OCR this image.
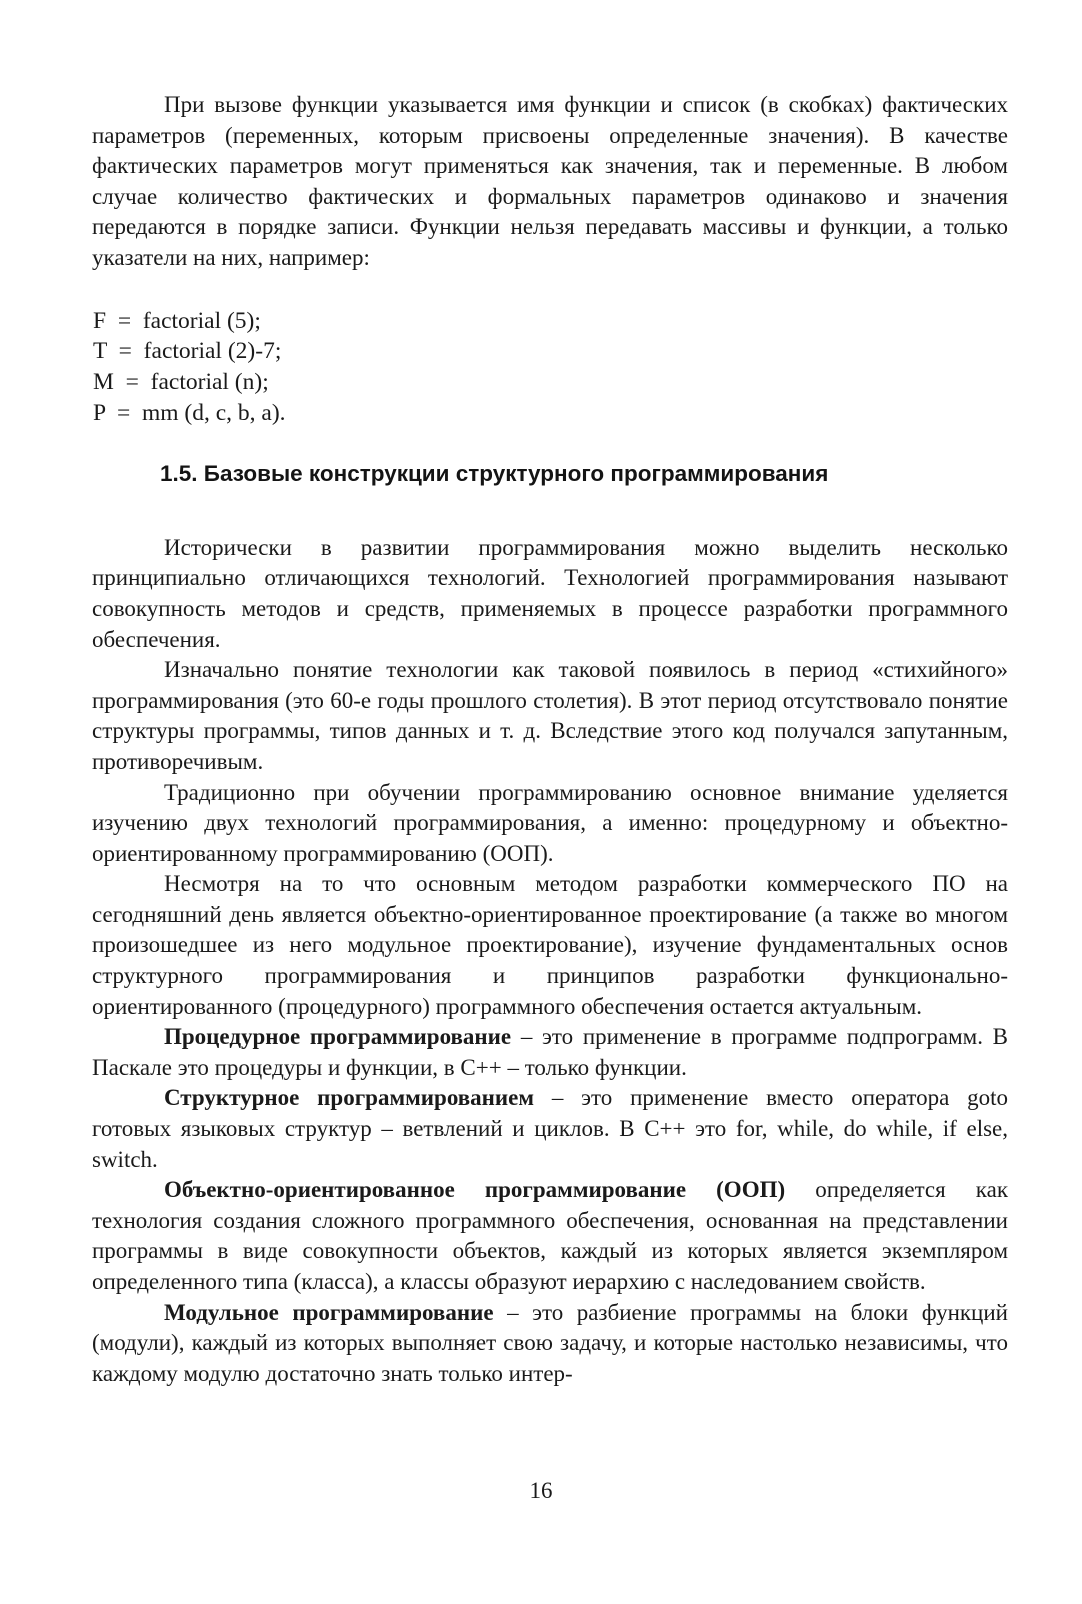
При вызове функции указывается имя функции и список (в скобках) фактических параметров (переменных, которым присвоены определенные значения). В качестве фактических параметров могут применяться как значения, так и переменные. В любом случае количество фактических и формальных параметров одинаково и значения передаются в порядке записи. Функции нельзя передавать массивы и функции, а только указатели на них, например:

F  =  factorial (5);
T  =  factorial (2)-7;
M  =  factorial (n);
P  =  mm (d, c, b, a).
1.5. Базовые конструкции структурного программирования

Исторически в развитии программирования можно выделить несколько принципиально отличающихся технологий. Технологией программирования называют совокупность методов и средств, применяемых в процессе разработки программного обеспечения.

Изначально понятие технологии как таковой появилось в период «стихийного» программирования (это 60-е годы прошлого столетия). В этот период отсутствовало понятие структуры программы, типов данных и т. д. Вследствие этого код получался запутанным, противоречивым.

Традиционно при обучении программированию основное внимание уделяется изучению двух технологий программирования, а именно: процедурному и объектно-ориентированному программированию (ООП).

Несмотря на то что основным методом разработки коммерческого ПО на сегодняшний день является объектно-ориентированное проектирование (а также во многом произошедшее из него модульное проектирование), изучение фундаментальных основ структурного программирования и принципов разработки функционально-ориентированного (процедурного) программного обеспечения остается актуальным.

Процедурное программирование – это применение в программе подпрограмм. В Паскале это процедуры и функции, в С++ – только функции.

Структурное программированием – это применение вместо оператора goto готовых языковых структур – ветвлений и циклов. В С++ это for, while, do while, if else, switch.

Объектно-ориентированное программирование (ООП) определяется как технология создания сложного программного обеспечения, основанная на представлении программы в виде совокупности объектов, каждый из которых является экземпляром определенного типа (класса), а классы образуют иерархию с наследованием свойств.

Модульное программирование – это разбиение программы на блоки функций (модули), каждый из которых выполняет свою задачу, и которые настолько независимы, что каждому модулю достаточно знать только интер-

16
